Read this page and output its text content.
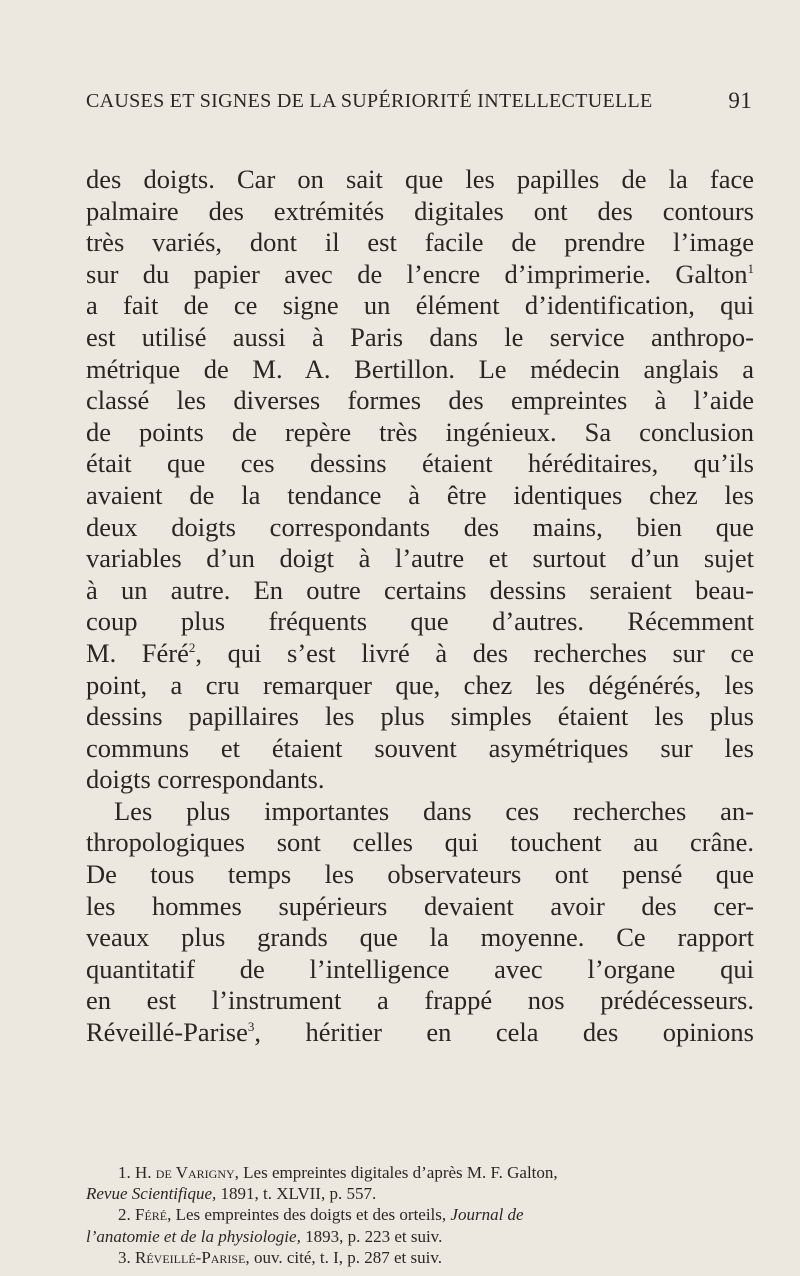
CAUSES ET SIGNES DE LA SUPÉRIORITÉ INTELLECTUELLE	91
des doigts. Car on sait que les papilles de la face
palmaire des extrémités digitales ont des contours
très variés, dont il est facile de prendre l’image
sur du papier avec de l’encre d’imprimerie. Galton$^1$
a fait de ce signe un élément d’identification, qui
est utilisé aussi à Paris dans le service anthropo-
métrique de M. A. Bertillon. Le médecin anglais a
classé les diverses formes des empreintes à l’aide
de points de repère très ingénieux. Sa conclusion
était que ces dessins étaient héréditaires, qu’ils
avaient de la tendance à être identiques chez les
deux doigts correspondants des mains, bien que
variables d’un doigt à l’autre et surtout d’un sujet
à un autre. En outre certains dessins seraient beau-
coup plus fréquents que d’autres. Récemment
M. Féré$^2$, qui s’est livré à des recherches sur ce
point, a cru remarquer que, chez les dégénérés, les
dessins papillaires les plus simples étaient les plus
communs et étaient souvent asymétriques sur les
doigts correspondants.
Les plus importantes dans ces recherches an-
thropologiques sont celles qui touchent au crâne.
De tous temps les observateurs ont pensé que
les hommes supérieurs devaient avoir des cer-
veaux plus grands que la moyenne. Ce rapport
quantitatif de l’intelligence avec l’organe qui
en est l’instrument a frappé nos prédécesseurs.
Réveillé-Parise$^3$, héritier en cela des opinions
1. H. de Varigny, Les empreintes digitales d’après M. F. Galton,
Revue Scientifique, 1891, t. XLVII, p. 557.
2. Féré, Les empreintes des doigts et des orteils, Journal de
l’anatomie et de la physiologie, 1893, p. 223 et suiv.
3. Réveillé-Parise, ouv. cité, t. I, p. 287 et suiv.
